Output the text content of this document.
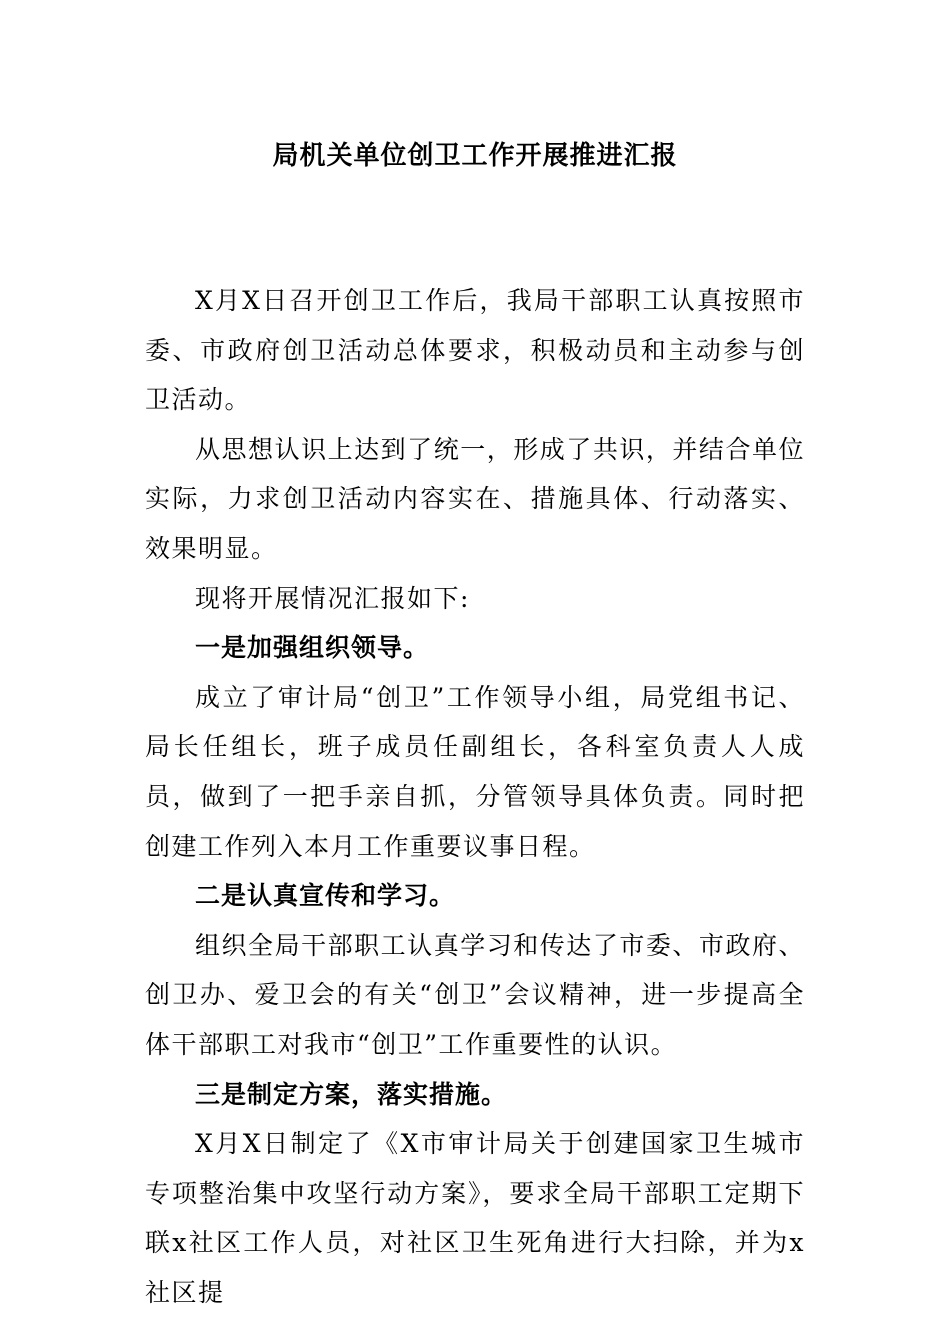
局机关单位创卫工作开展推进汇报

X月X日召开创卫工作后，我局干部职工认真按照市委、市政府创卫活动总体要求，积极动员和主动参与创卫活动。

从思想认识上达到了统一，形成了共识，并结合单位实际，力求创卫活动内容实在、措施具体、行动落实、效果明显。

现将开展情况汇报如下:

一是加强组织领导。

成立了审计局“创卫”工作领导小组，局党组书记、局长任组长，班子成员任副组长，各科室负责人人成员，做到了一把手亲自抓，分管领导具体负责。同时把创建工作列入本月工作重要议事日程。

二是认真宣传和学习。

组织全局干部职工认真学习和传达了市委、市政府、创卫办、爱卫会的有关“创卫”会议精神，进一步提高全体干部职工对我市“创卫”工作重要性的认识。

三是制定方案，落实措施。

X月X日制定了《X市审计局关于创建国家卫生城市专项整治集中攻坚行动方案》，要求全局干部职工定期下联x社区工作人员，对社区卫生死角进行大扫除，并为x社区提
